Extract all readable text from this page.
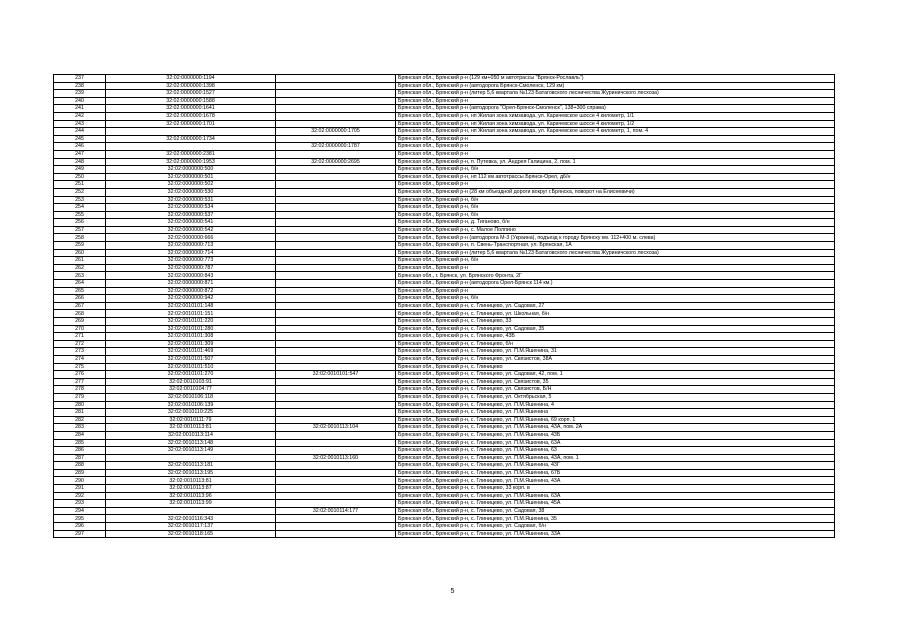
237	32:02:0000000:1194		Брянская обл., Брянский р-н (129 км+050 м автотрассы "Брянск-Рославль")
238	32:02:0000000:1398		Брянская обл., Брянский р-н (автодорога Брянск-Смоленск, 129 км)
239	32:02:0000000:1527		Брянская обл., Брянский р-н (литер 5,6 квартала №123 Батаговского лесничества Журиничского лесхоза)
240	32:02:0000000:1588		Брянская обл., Брянский р-н
241	32:02:0000000:1641		Брянская обл., Брянский р-н (автодорога "Орел-Брянск-Смоленск", 138+300 справа)
242	32:02:0000000:1678		Брянская обл., Брянский р-н, нп Жилая зона химзавода, ул. Карачевское шоссе 4 километр, 1/1
243	32:02:0000000:1701		Брянская обл., Брянский р-н, нп Жилая зона химзавода, ул. Карачевское шоссе 4 километр, 1/2
244		32:02:0000000:1705	Брянская обл., Брянский р-н, нп Жилая зона химзавода, ул. Карачевское шоссе 4 километр, 1, пом. 4
245	32:02:0000000:1734		Брянская обл., Брянский р-н
246		32:02:0000000:1787	Брянская обл., Брянский р-н
247	32:02:0000000:2381		Брянская обл., Брянский р-н
248	32:02:0000000:1953	32:02:0000000:2695	Брянская обл., Брянский р-н, п. Путевка, ул. Андрея Галицина, 2, пом. 1
249	32:02:0000000:500		Брянская обл., Брянский р-н, б/н
250	32:02:0000000:501		Брянская обл., Брянский р-н, нп 112 км автотрассы Брянск-Орел, д6/н
251	32:02:0000000:502		Брянская обл., Брянский р-н
252	32:02:0000000:530		Брянская обл., Брянский р-н (28 км объездной дороги вокруг г.Брянска, поворот на Елисеевичи)
253	32:02:0000000:531		Брянская обл., Брянский р-н, б/н
254	32:02:0000000:534		Брянская обл., Брянский р-н, б/н
255	32:02:0000000:537		Брянская обл., Брянский р-н, б/н
256	32:02:0000000:541		Брянская обл., Брянский р-н, д. Тиганово, б/н
257	32:02:0000000:542		Брянская обл., Брянский р-н, с. Малое Полпино
258	32:02:0000000:666		Брянская обл., Брянский р-н (автодорога М-3 (Украина), подъезд к городу Брянску км. 112+400 м. слева)
259	32:02:0000000:713		Брянская обл., Брянский р-н, п. Свень-Транспортная, ул. Брянская, 1А
260	32:02:0000000:714		Брянская обл., Брянский р-н (литер 5,6 квартала №123 Батаговского лесничества Журиничского лесхоза)
261	32:02:0000000:773		Брянская обл., Брянский р-н, б/н
262	32:02:0000000:787		Брянская обл., Брянский р-н
263	32:02:0000000:843		Брянская обл., г. Брянск, ул. Брянского Фронта, 2Г
264	32:02:0000000:871		Брянская обл., Брянский р-н (автодорога Орел-Брянск 114 км.)
265	32:02:0000000:872		Брянская обл., Брянский р-н
266	32:02:0000000:942		Брянская обл., Брянский р-н, б/н
267	32:02:0010101:148		Брянская обл., Брянский р-н, с. Глиницево, ул. Садовая, 27
268	32:02:0010101:151		Брянская обл., Брянский р-н, с. Глиницево, ул. Школьная, б/н
269	32:02:0010101:220		Брянская обл., Брянский р-н, с. Глиницево, 33
270	32:02:0010101:280		Брянская обл., Брянский р-н, с. Глиницево, ул. Садовая, 35
271	32:02:0010101:308		Брянская обл., Брянский р-н, с. Глиницево, 43Б
272	32:02:0010101:309		Брянская обл., Брянский р-н, с. Глиницево, б/н
273	32:02:0010101:469		Брянская обл., Брянский р-н, с. Глиницево, ул. П.М.Яшенина, 31
274	32:02:0010101:507		Брянская обл., Брянский р-н, с. Глиницево, ул. Связистов, 38А
275	32:02:0010101:510		Брянская обл., Брянский р-н, с. Глиницево
276	32:02:0010101:270	32:02:0010101:547	Брянская обл., Брянский р-н, с. Глиницево, ул. Садовая, 42, пом. 1
277	32:02:0010103:91		Брянская обл., Брянский р-н, с. Глиницево, ул. Связистов, 35
278	32:02:0010104:77		Брянская обл., Брянский р-н, с. Глиницево, ул. Связистов, Б/Н
279	32:02:0010106:118		Брянская обл., Брянский р-н, с. Глиницево, ул. Октябрьская, 5
280	32:02:0010106:139		Брянская обл., Брянский р-н, с. Глиницево, ул. П.М.Яшенина, 4
281	32:02:0010110:225		Брянская обл., Брянский р-н, с. Глиницево, ул. П.М.Яшенина
282	32:02:0010111:79		Брянская обл., Брянский р-н, с. Глиницево, ул. П.М.Яшенина, 69 корп. 1
283	32:02:0010113:81	32:02:0010113:104	Брянская обл., Брянский р-н, с. Глиницево, ул. П.М.Яшенина, 43А, пом. 2А
284	32:02:0010113:114		Брянская обл., Брянский р-н, с. Глиницево, ул. П.М.Яшенина, 43Б
285	32:02:0010113:148		Брянская обл., Брянский р-н, с. Глиницево, ул. П.М.Яшенина, 63А
286	32:02:0010113:149		Брянская обл., Брянский р-н, с. Глиницево, ул. П.М.Яшенина, 63
287		32:02:0010113:160	Брянская обл., Брянский р-н, с. Глиницево, ул. П.М.Яшенина, 43А, пом. 1
288	32:02:0010113:181		Брянская обл., Брянский р-н, с. Глиницево, ул. П.М.Яшенина, 43Г
289	32:02:0010113:195		Брянская обл., Брянский р-н, с. Глиницево, ул. П.М.Яшенина, 67Б
290	32:02:0010113:81		Брянская обл., Брянский р-н, с. Глиницево, ул. П.М.Яшенина, 43А
291	32:02:0010113:87		Брянская обл., Брянский р-н, с. Глиницево, 33 корп. в
292	32:02:0010113:96		Брянская обл., Брянский р-н, с. Глиницево, ул. П.М.Яшенина, 63А
293	32:02:0010113:99		Брянская обл., Брянский р-н, с. Глиницево, ул. П.М.Яшенина, 45А
294		32:02:0010114:177	Брянская обл., Брянский р-н, с. Глиницево, ул. Садовая, 38
295	32:02:0010116:343		Брянская обл., Брянский р-н, с. Глиницево, ул. П.М.Яшенина, 35
296	32:02:0010117:137		Брянская обл., Брянский р-н, с. Глиницево, ул. Садовая, б/н
297	32:02:0010118:165		Брянская обл., Брянский р-н, с. Глиницево, ул. П.М.Яшенина, 33А
5
